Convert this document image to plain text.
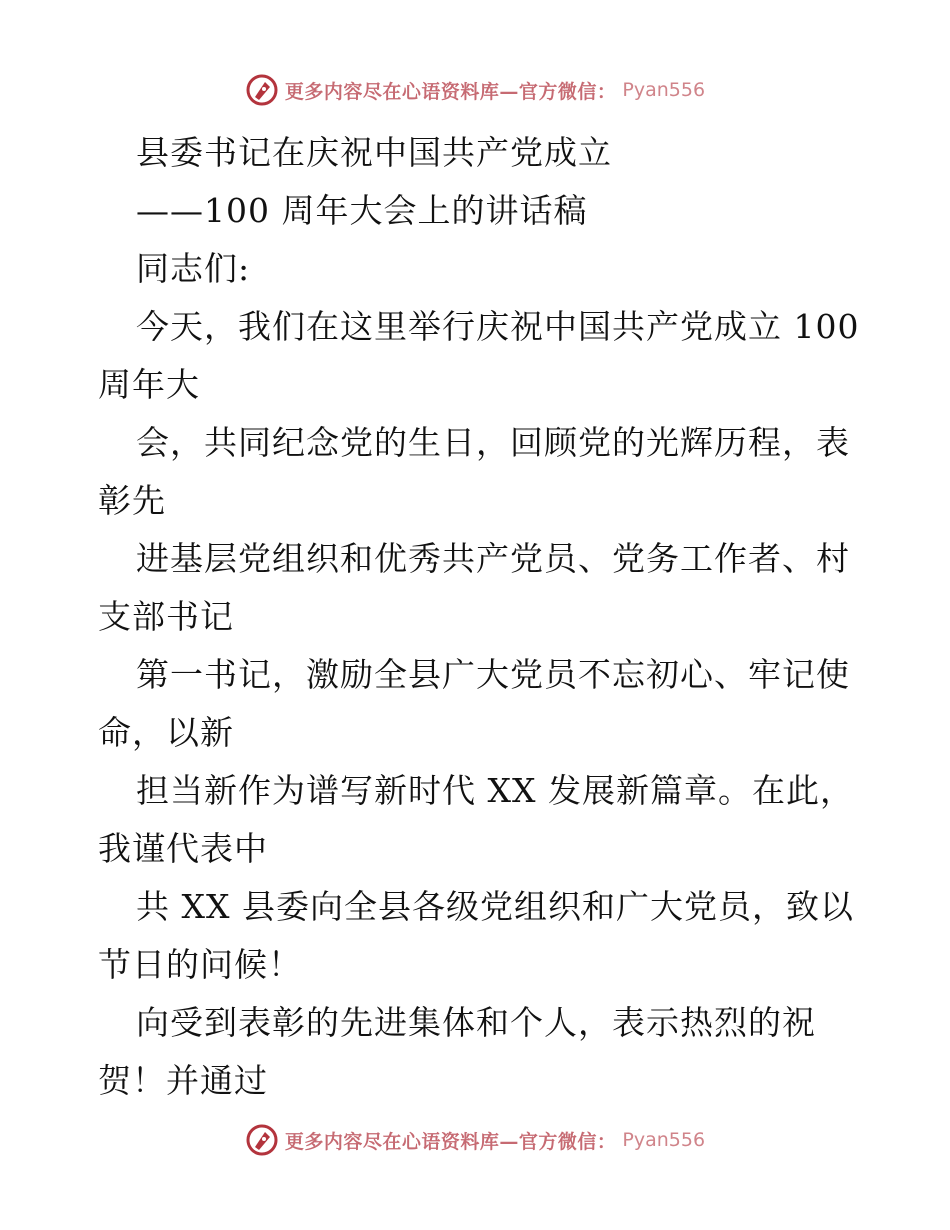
更多内容尽在心语资料库—官方微信： Pyan556
县委书记在庆祝中国共产党成立
——100 周年大会上的讲话稿
同志们:
今天，我们在这里举行庆祝中国共产党成立 100
周年大
会，共同纪念党的生日，回顾党的光辉历程，表
彰先
进基层党组织和优秀共产党员、党务工作者、村
支部书记
第一书记，激励全县广大党员不忘初心、牢记使
命，以新
担当新作为谱写新时代 XX 发展新篇章。在此，
我谨代表中
共 XX 县委向全县各级党组织和广大党员，致以
节日的问候！
向受到表彰的先进集体和个人，表示热烈的祝
贺！并通过
更多内容尽在心语资料库—官方微信： Pyan556
